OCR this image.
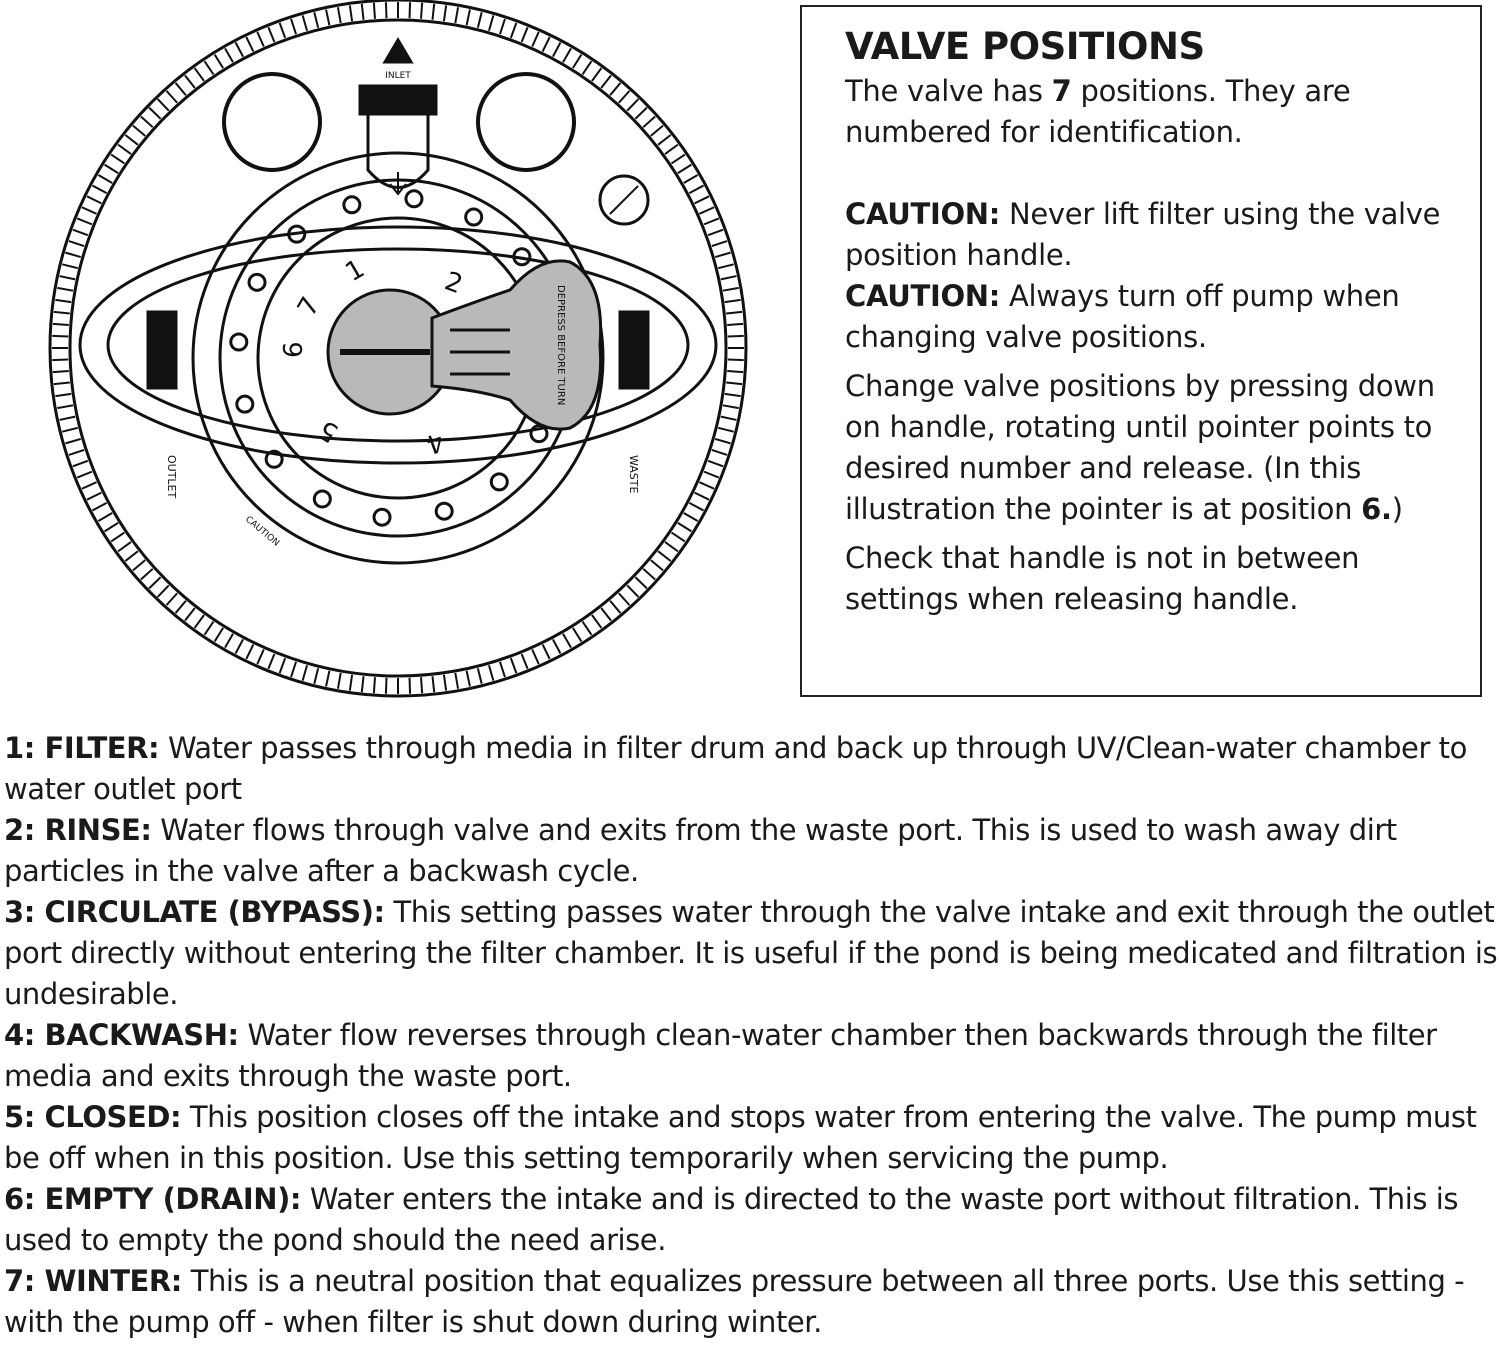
INLET
1	2
7
6
5	4
OUTLET	WASTE
DEPRESS BEFORE TURN
CAUTION
VALVE POSITIONS

The valve has 7 positions. They are numbered for identification.

CAUTION: Never lift filter using the valve position handle.

CAUTION: Always turn off pump when changing valve positions.

Change valve positions by pressing down on handle, rotating until pointer points to desired number and release. (In this illustration the pointer is at position 6.)

Check that handle is not in between settings when releasing handle.

1: FILTER: Water passes through media in filter drum and back up through UV/Clean-water chamber to water outlet port

2: RINSE: Water flows through valve and exits from the waste port. This is used to wash away dirt particles in the valve after a backwash cycle.

3: CIRCULATE (BYPASS): This setting passes water through the valve intake and exit through the outlet port directly without entering the filter chamber. It is useful if the pond is being medicated and filtration is undesirable.

4: BACKWASH: Water flow reverses through clean-water chamber then backwards through the filter media and exits through the waste port.

5: CLOSED: This position closes off the intake and stops water from entering the valve. The pump must be off when in this position. Use this setting temporarily when servicing the pump.

6: EMPTY (DRAIN): Water enters the intake and is directed to the waste port without filtration. This is used to empty the pond should the need arise.

7: WINTER: This is a neutral position that equalizes pressure between all three ports. Use this setting - with the pump off - when filter is shut down during winter.
